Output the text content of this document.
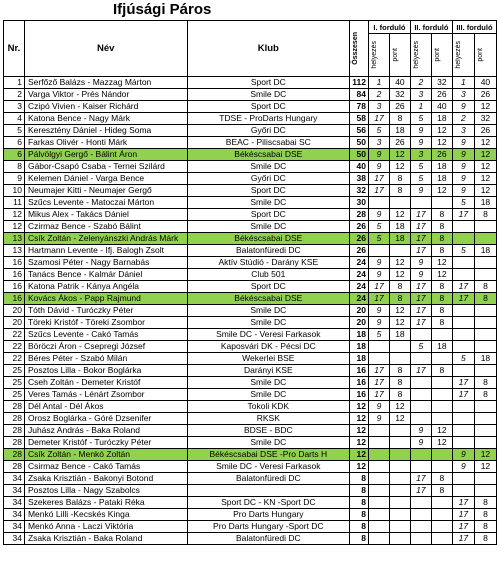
Ifjúsági Páros
Nr.	Név	Klub	Összesen	I. forduló		II. forduló		III. forduló	

				helyezés	pont	helyezés	pont	helyezés	pont

1	Serfőző Balázs - Mazzag Márton	Sport DC	112	1	40	2	32	1	40
2	Varga Viktor - Prés Nándor	Smile DC	84	2	32	3	26	3	26
3	Czipó Vivien - Kaiser Richárd	Sport DC	78	3	26	1	40	9	12
4	Katona Bence - Nagy Márk	TDSE - ProDarts Hungary	58	17	8	5	18	2	32
5	Keresztény Dániel - Hideg Soma	Győri DC	56	5	18	9	12	3	26
6	Farkas Olivér - Honti Márk	BEAC - Piliscsabai SC	50	3	26	9	12	9	12
6	Pálvölgyi Gergő - Bálint Áron	Békéscsabai DSE	50	9	12	3	26	9	12
8	Gábor-Csapó Csaba - Ternei Szilárd	Smile DC	40	9	12	5	18	9	12
9	Kelemen Dániel - Varga Bence	Győri DC	38	17	8	5	18	9	12
10	Neumajer Kitti - Neumajer Gergő	Sport DC	32	17	8	9	12	9	12
11	Szűcs Levente - Matoczai Márton	Smile DC	30					5	18
12	Mikus Alex - Takács Dániel	Sport DC	28	9	12	17	8	17	8
12	Czirmaz Bence - Szabó Bálint	Smile DC	26	5	18	17	8		
13	Csík Zoltán - Zelenyánszki András Márk	Békéscsabai DSE	26	5	18	17	8		
13	Hartmann Levente - Ifj. Balogh Zsolt	Balatonfüredi DC	26			17	8	5	18
16	Szamosi Péter - Nagy Barnabás	Aktív Stúdió - Darány KSE	24	9	12	9	12		
16	Tanács Bence - Kalmár Dániel	Club 501	24	9	12	9	12		
16	Katona Patrik - Kánya Angéla	Sport DC	24	17	8	17	8	17	8
16	Kovács Ákos - Papp Rajmund	Békéscsabai DSE	24	17	8	17	8	17	8
20	Tóth Dávid - Turóczky Péter	Smile DC	20	9	12	17	8		
20	Töreki Kristóf - Töreki Zsombor	Smile DC	20	9	12	17	8		
22	Szűcs Levente - Cakó Tamás	Smile DC - Veresi Farkasok	18	5	18				
22	Böröczi Áron - Csepregi József	Kaposvári DK - Pécsi DC	18			5	18		
22	Béres Péter - Szabó Milán	Wekerlei BSE	18					5	18
25	Posztos Lilla - Bokor Boglárka	Darányi KSE	16	17	8	17	8		
25	Cseh Zoltán - Demeter Kristóf	Smile DC	16	17	8			17	8
25	Veres Tamás - Lénárt Zsombor	Smile DC	16	17	8			17	8
28	Dél Antal - Dél Ákos	Tokoli KDK	12	9	12				
28	Orosz Boglárka - Góré Dzsenifer	RKSK	12	9	12				
28	Juhász András - Baka Roland	BDSE - BDC	12			9	12		
28	Demeter Kristóf - Turóczky Péter	Smile DC	12			9	12		
28	Csík Zoltán - Menkó Zoltán	Békéscsabai DSE -Pro Darts H	12					9	12
28	Csirmaz Bence - Cakó Tamás	Smile DC - Veresi Farkasok	12					9	12
34	Zsaka Krisztián - Bakonyi Botond	Balatonfüredi DC	8			17	8		
34	Posztos Lilla - Nagy Szabolcs		8			17	8		
34	Szekeres Balázs - Pataki Réka	Sport DC - KN -Sport DC	8					17	8
34	Menkó Lilli -Kecskés Kinga	Pro Darts Hungary	8					17	8
34	Menkó Anna - Laczi Viktória	Pro Darts Hungary -Sport DC	8					17	8
34	Zsaka Krisztián - Baka Roland	Balatonfüredi DC	8					17	8
